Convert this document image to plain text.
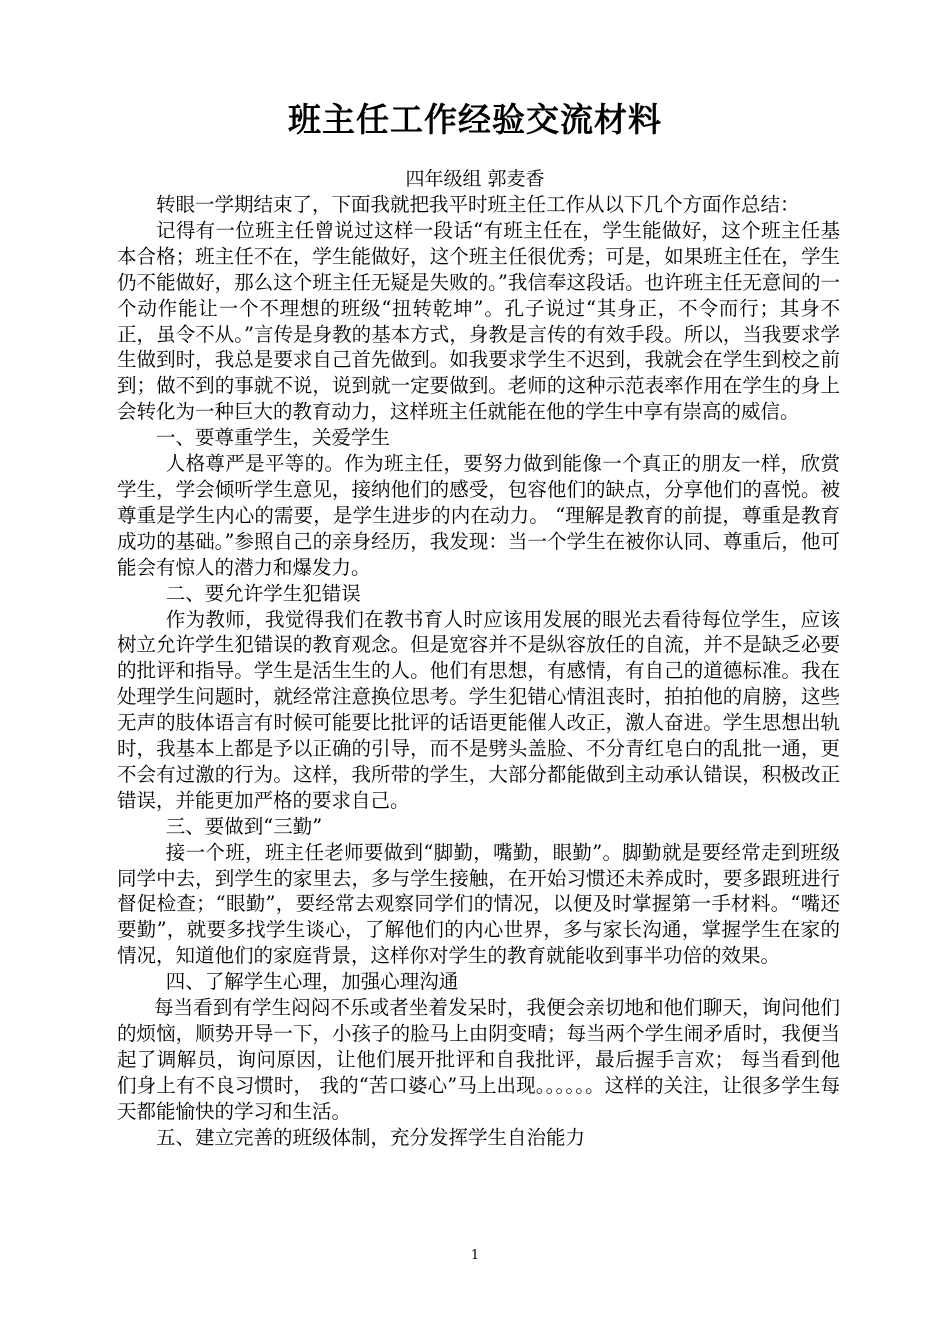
班主任工作经验交流材料
四年级组 郭麦香

转眼一学期结束了，下面我就把我平时班主任工作从以下几个方面作总结：

记得有一位班主任曾说过这样一段话“有班主任在，学生能做好，这个班主任基本合格；班主任不在，学生能做好，这个班主任很优秀；可是，如果班主任在，学生仍不能做好，那么这个班主任无疑是失败的。”我信奉这段话。也许班主任无意间的一个动作能让一个不理想的班级“扭转乾坤”。孔子说过“其身正，不令而行；其身不正，虽令不从。”言传是身教的基本方式，身教是言传的有效手段。所以，当我要求学生做到时，我总是要求自己首先做到。如我要求学生不迟到，我就会在学生到校之前到；做不到的事就不说，说到就一定要做到。老师的这种示范表率作用在学生的身上会转化为一种巨大的教育动力，这样班主任就能在他的学生中享有崇高的威信。

一、要尊重学生，关爱学生

人格尊严是平等的。作为班主任，要努力做到能像一个真正的朋友一样，欣赏学生，学会倾听学生意见，接纳他们的感受，包容他们的缺点，分享他们的喜悦。被尊重是学生内心的需要，是学生进步的内在动力。 “理解是教育的前提，尊重是教育成功的基础。”参照自己的亲身经历，我发现：当一个学生在被你认同、尊重后，他可能会有惊人的潜力和爆发力。

二、要允许学生犯错误

作为教师，我觉得我们在教书育人时应该用发展的眼光去看待每位学生，应该树立允许学生犯错误的教育观念。但是宽容并不是纵容放任的自流，并不是缺乏必要的批评和指导。学生是活生生的人。他们有思想，有感情，有自己的道德标准。我在处理学生问题时，就经常注意换位思考。学生犯错心情沮丧时，拍拍他的肩膀，这些无声的肢体语言有时候可能要比批评的话语更能催人改正，激人奋进。学生思想出轨时，我基本上都是予以正确的引导，而不是劈头盖脸、不分青红皂白的乱批一通，更不会有过激的行为。这样，我所带的学生，大部分都能做到主动承认错误，积极改正错误，并能更加严格的要求自己。

三、要做到“三勤”

接一个班，班主任老师要做到“脚勤，嘴勤，眼勤”。脚勤就是要经常走到班级同学中去，到学生的家里去，多与学生接触，在开始习惯还未养成时，要多跟班进行督促检查；“眼勤”，要经常去观察同学们的情况，以便及时掌握第一手材料。“嘴还要勤”，就要多找学生谈心，了解他们的内心世界，多与家长沟通，掌握学生在家的情况，知道他们的家庭背景，这样你对学生的教育就能收到事半功倍的效果。

四、了解学生心理，加强心理沟通

每当看到有学生闷闷不乐或者坐着发呆时，我便会亲切地和他们聊天，询问他们的烦恼，顺势开导一下，小孩子的脸马上由阴变晴；每当两个学生闹矛盾时，我便当起了调解员，询问原因，让他们展开批评和自我批评，最后握手言欢； 每当看到他们身上有不良习惯时， 我的“苦口婆心”马上出现。。。。。。这样的关注，让很多学生每天都能愉快的学习和生活。

五、建立完善的班级体制，充分发挥学生自治能力

1
